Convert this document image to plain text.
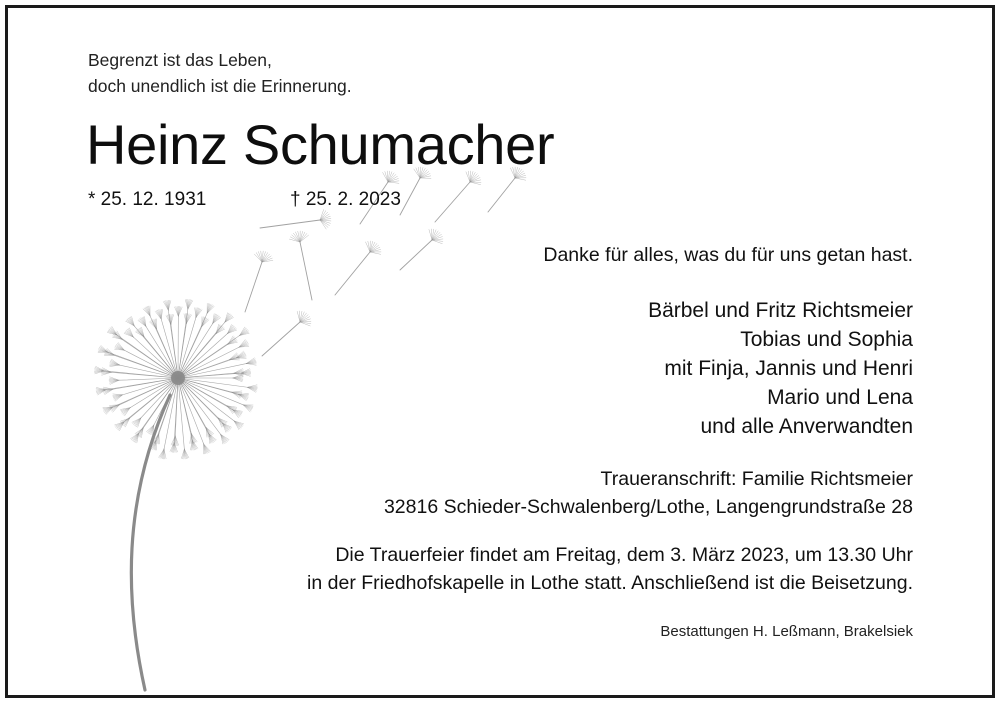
Begrenzt ist das Leben,
doch unendlich ist die Erinnerung.
Heinz Schumacher
* 25. 12. 1931	† 25. 2. 2023
Danke für alles, was du für uns getan hast.
Bärbel und Fritz Richtsmeier
Tobias und Sophia
mit Finja, Jannis und Henri
Mario und Lena
und alle Anverwandten
Traueranschrift: Familie Richtsmeier
32816 Schieder-Schwalenberg/Lothe, Langengrundstraße 28
Die Trauerfeier findet am Freitag, dem 3. März 2023, um 13.30 Uhr
in der Friedhofskapelle in Lothe statt. Anschließend ist die Beisetzung.
Bestattungen H. Leßmann, Brakelsiek
